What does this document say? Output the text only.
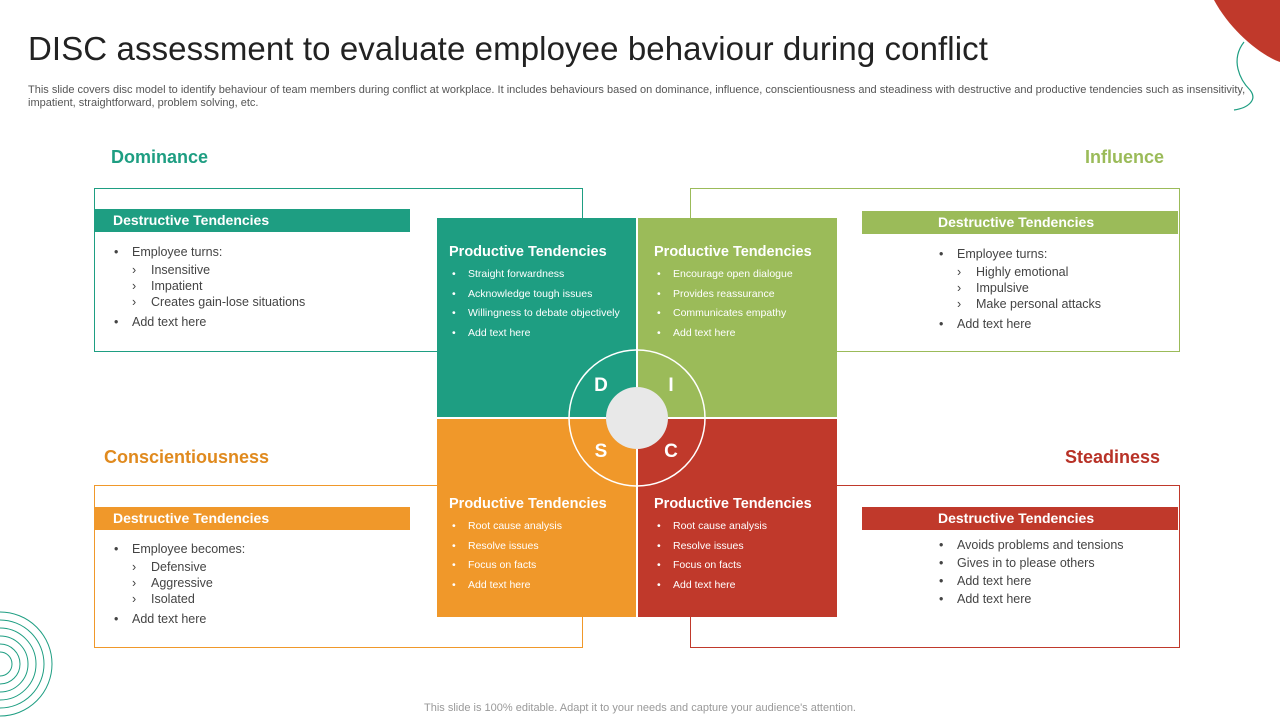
DISC assessment to evaluate employee behaviour during conflict
This slide covers disc model to identify behaviour of team members during conflict at workplace. It includes behaviours based on dominance, influence, conscientiousness and steadiness with destructive and productive tendencies such as insensitivity, impatient, straightforward, problem solving, etc.
Dominance	Influence
Conscientiousness	Steadiness
Destructive Tendencies	Destructive Tendencies
Destructive Tendencies	Destructive Tendencies
• Employee turns:
› Insensitive
› Impatient
› Creates gain-lose situations
• Add text here
• Employee turns:
› Highly emotional
› Impulsive
› Make personal attacks
• Add text here
• Employee becomes:
› Defensive
› Aggressive
› Isolated
• Add text here
• Avoids problems and tensions
• Gives in to please others
• Add text here
• Add text here
Productive Tendencies
• Straight forwardness
• Acknowledge tough issues
• Willingness to debate objectively
• Add text here
Productive Tendencies
• Encourage open dialogue
• Provides reassurance
• Communicates empathy
• Add text here
Productive Tendencies
• Root cause analysis
• Resolve issues
• Focus on facts
• Add text here
Productive Tendencies
• Root cause analysis
• Resolve issues
• Focus on facts
• Add text here
D	I
S	C
This slide is 100% editable. Adapt it to your needs and capture your audience's attention.
